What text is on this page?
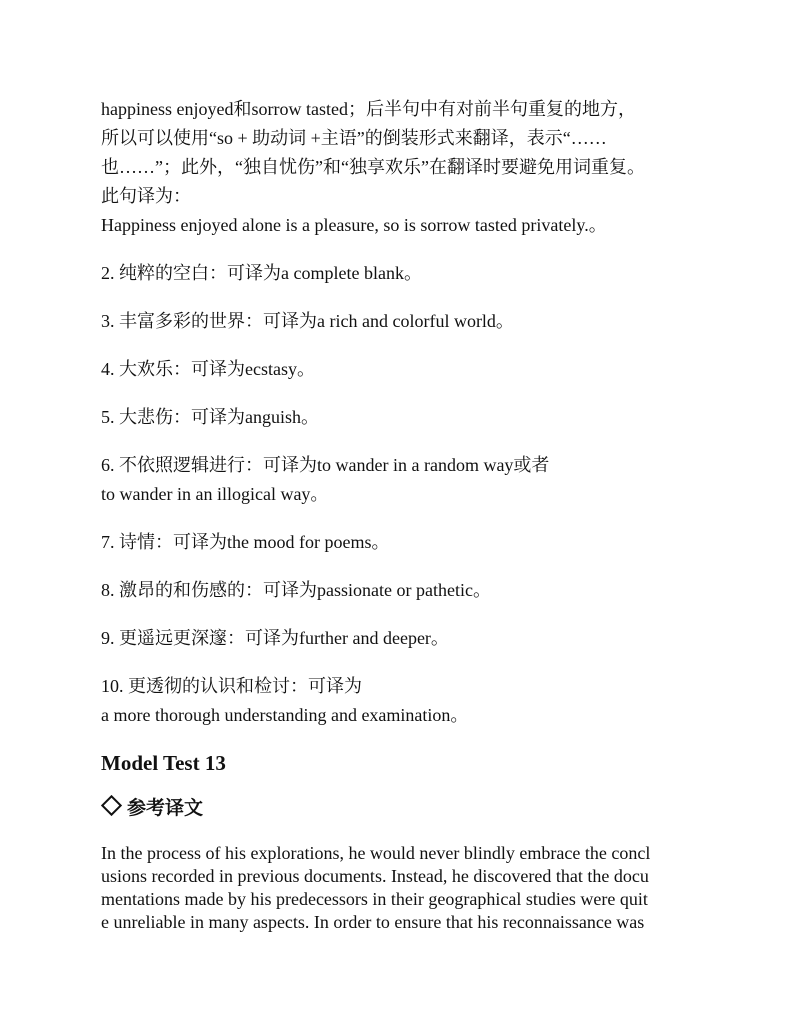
happiness enjoyed和sorrow tasted；后半句中有对前半句重复的地方，
所以可以使用“so + 助动词 +主语”的倒装形式来翻译，表示“……
也……”；此外，“独自忧伤”和“独享欢乐”在翻译时要避免用词重复。
此句译为：
Happiness enjoyed alone is a pleasure, so is sorrow tasted privately.。
2. 纯粹的空白：可译为a complete blank。
3. 丰富多彩的世界：可译为a rich and colorful world。
4. 大欢乐：可译为ecstasy。
5. 大悲伤：可译为anguish。
6. 不依照逻辑进行：可译为to wander in a random way或者
to wander in an illogical way。
7. 诗情：可译为the mood for poems。
8. 激昂的和伤感的：可译为passionate or pathetic。
9. 更遥远更深邃：可译为further and deeper。
10. 更透彻的认识和检讨：可译为
a more thorough understanding and examination。
Model Test 13
参考译文
In the process of his explorations, he would never blindly embrace the concl
usions recorded in previous documents. Instead, he discovered that the docu
mentations made by his predecessors in their geographical studies were quit
e unreliable in many aspects. In order to ensure that his reconnaissance was
